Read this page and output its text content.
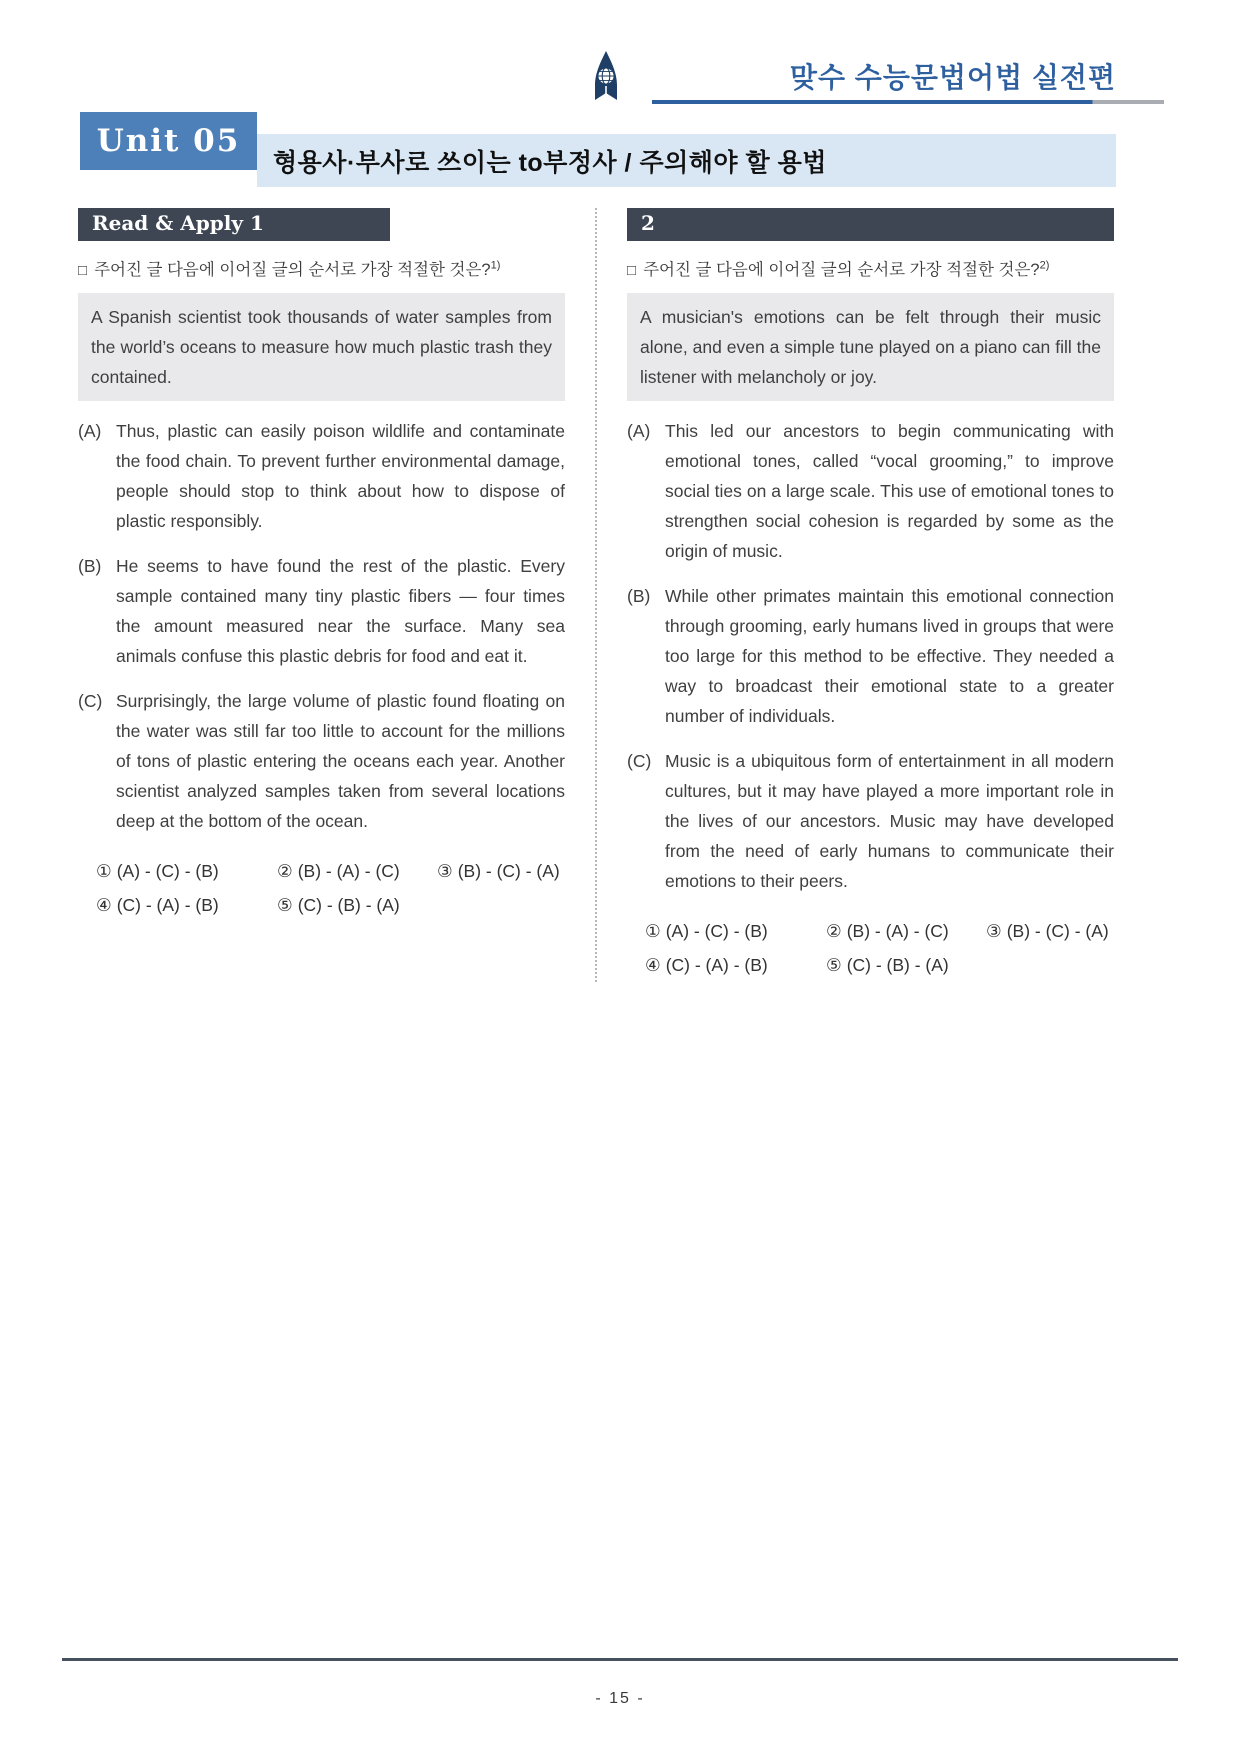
맞수 수능문법어법 실전편
Unit 05
형용사·부사로 쓰이는 to부정사 / 주의해야 할 용법
Read & Apply 1
□ 주어진 글 다음에 이어질 글의 순서로 가장 적절한 것은?$^{1)}$
A Spanish scientist took thousands of water samples from the world’s oceans to measure how much plastic trash they contained.
(A) Thus, plastic can easily poison wildlife and contaminate the food chain. To prevent further environmental damage, people should stop to think about how to dispose of plastic responsibly.
(B) He seems to have found the rest of the plastic. Every sample contained many tiny plastic fibers — four times the amount measured near the surface. Many sea animals confuse this plastic debris for food and eat it.
(C) Surprisingly, the large volume of plastic found floating on the water was still far too little to account for the millions of tons of plastic entering the oceans each year. Another scientist analyzed samples taken from several locations deep at the bottom of the ocean.
① (A) - (C) - (B)	② (B) - (A) - (C)	③ (B) - (C) - (A)
④ (C) - (A) - (B)	⑤ (C) - (B) - (A)
2
□ 주어진 글 다음에 이어질 글의 순서로 가장 적절한 것은?$^{2)}$
A musician's emotions can be felt through their music alone, and even a simple tune played on a piano can fill the listener with melancholy or joy.
(A) This led our ancestors to begin communicating with emotional tones, called “vocal grooming,” to improve social ties on a large scale. This use of emotional tones to strengthen social cohesion is regarded by some as the origin of music.
(B) While other primates maintain this emotional connection through grooming, early humans lived in groups that were too large for this method to be effective. They needed a way to broadcast their emotional state to a greater number of individuals.
(C) Music is a ubiquitous form of entertainment in all modern cultures, but it may have played a more important role in the lives of our ancestors. Music may have developed from the need of early humans to communicate their emotions to their peers.
① (A) - (C) - (B)	② (B) - (A) - (C)	③ (B) - (C) - (A)
④ (C) - (A) - (B)	⑤ (C) - (B) - (A)
- 15 -
